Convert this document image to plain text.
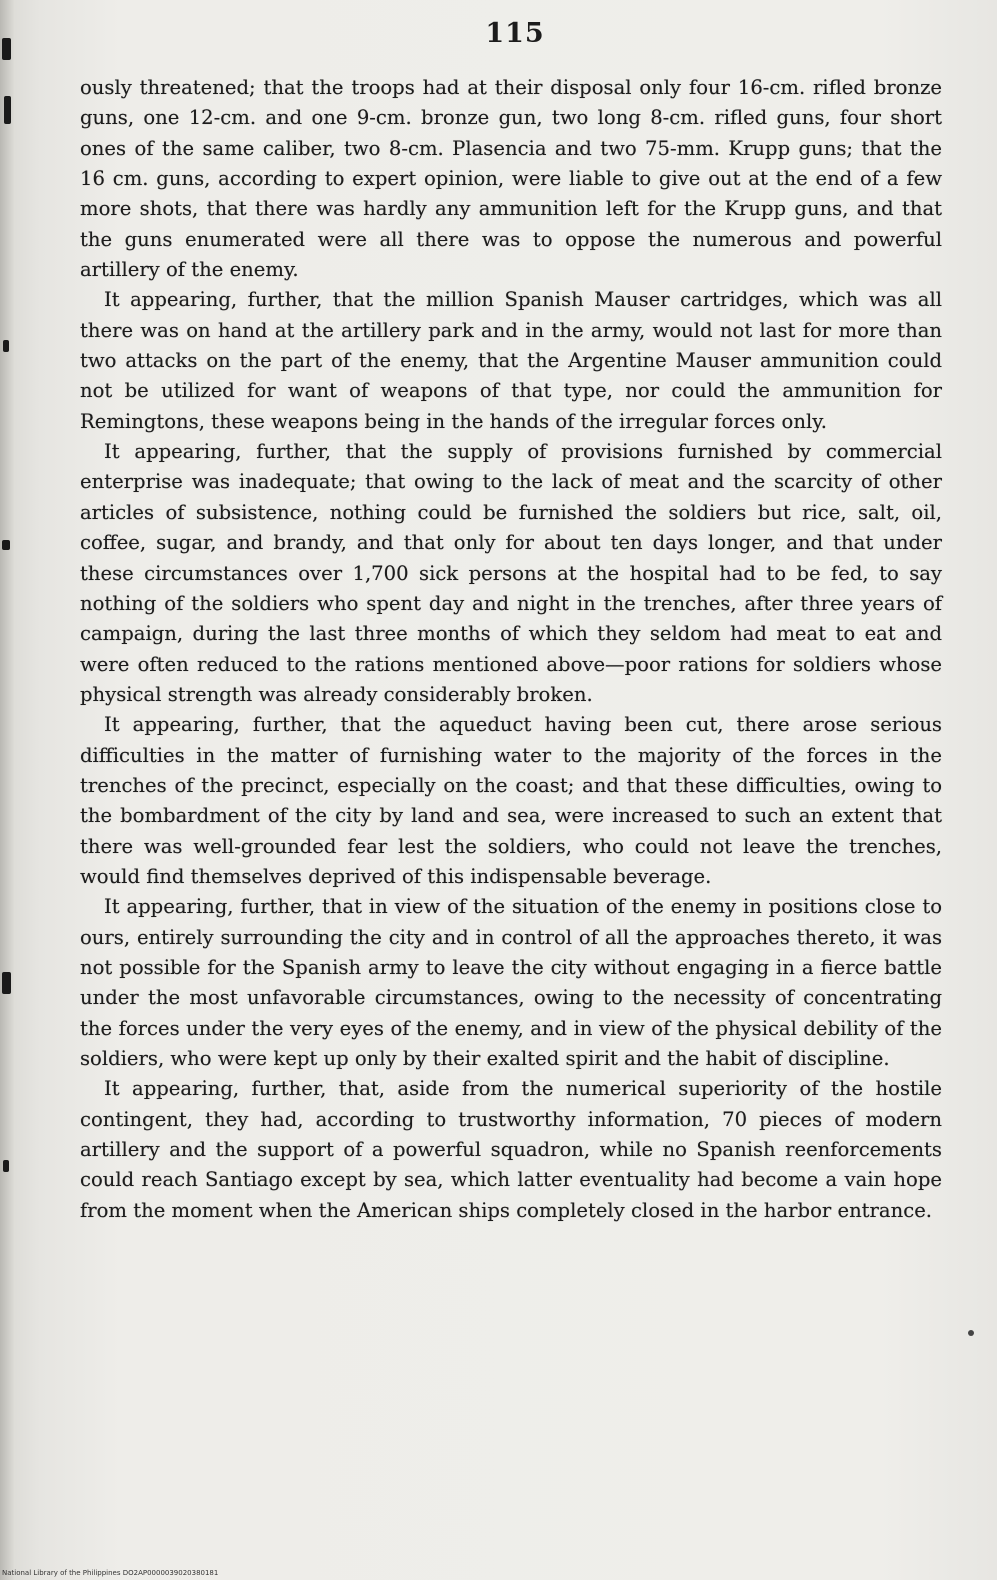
115

ously threatened; that the troops had at their disposal only four 16-cm. rifled bronze guns, one 12-cm. and one 9-cm. bronze gun, two long 8-cm. rifled guns, four short ones of the same caliber, two 8-cm. Plasencia and two 75-mm. Krupp guns; that the 16 cm. guns, according to expert opinion, were liable to give out at the end of a few more shots, that there was hardly any ammunition left for the Krupp guns, and that the guns enumerated were all there was to oppose the numerous and powerful artillery of the enemy.

It appearing, further, that the million Spanish Mauser cartridges, which was all there was on hand at the artillery park and in the army, would not last for more than two attacks on the part of the enemy, that the Argentine Mauser ammunition could not be utilized for want of weapons of that type, nor could the ammunition for Remingtons, these weapons being in the hands of the irregular forces only.

It appearing, further, that the supply of provisions furnished by commercial enterprise was inadequate; that owing to the lack of meat and the scarcity of other articles of subsistence, nothing could be furnished the soldiers but rice, salt, oil, coffee, sugar, and brandy, and that only for about ten days longer, and that under these circumstances over 1,700 sick persons at the hospital had to be fed, to say nothing of the soldiers who spent day and night in the trenches, after three years of campaign, during the last three months of which they seldom had meat to eat and were often reduced to the rations mentioned above—poor rations for soldiers whose physical strength was already considerably broken.

It appearing, further, that the aqueduct having been cut, there arose serious difficulties in the matter of furnishing water to the majority of the forces in the trenches of the precinct, especially on the coast; and that these difficulties, owing to the bombardment of the city by land and sea, were increased to such an extent that there was well-grounded fear lest the soldiers, who could not leave the trenches, would find themselves deprived of this indispensable beverage.

It appearing, further, that in view of the situation of the enemy in positions close to ours, entirely surrounding the city and in control of all the approaches thereto, it was not possible for the Spanish army to leave the city without engaging in a fierce battle under the most unfavorable circumstances, owing to the necessity of concentrating the forces under the very eyes of the enemy, and in view of the physical debility of the soldiers, who were kept up only by their exalted spirit and the habit of discipline.

It appearing, further, that, aside from the numerical superiority of the hostile contingent, they had, according to trustworthy information, 70 pieces of modern artillery and the support of a powerful squadron, while no Spanish reenforcements could reach Santiago except by sea, which latter eventuality had become a vain hope from the moment when the American ships completely closed in the harbor entrance.

National Library of the Philippines DO2AP0000039020380181
